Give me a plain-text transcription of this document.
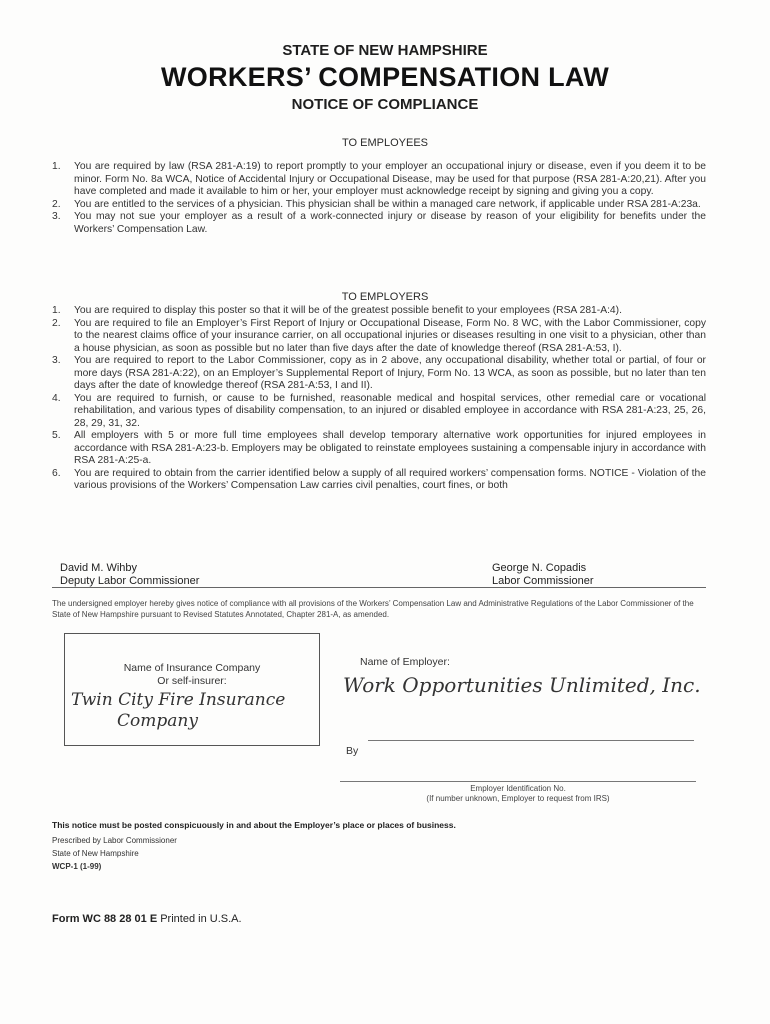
STATE OF NEW HAMPSHIRE
WORKERS’ COMPENSATION LAW
NOTICE OF COMPLIANCE
TO EMPLOYEES
1. You are required by law (RSA 281-A:19) to report promptly to your employer an occupational injury or disease, even if you deem it to be minor. Form No. 8a WCA, Notice of Accidental Injury or Occupational Disease, may be used for that purpose (RSA 281-A:20,21). After you have completed and made it available to him or her, your employer must acknowledge receipt by signing and giving you a copy.
2. You are entitled to the services of a physician. This physician shall be within a managed care network, if applicable under RSA 281-A:23a.
3. You may not sue your employer as a result of a work-connected injury or disease by reason of your eligibility for benefits under the Workers’ Compensation Law.
TO EMPLOYERS
1. You are required to display this poster so that it will be of the greatest possible benefit to your employees (RSA 281-A:4).
2. You are required to file an Employer’s First Report of Injury or Occupational Disease, Form No. 8 WC, with the Labor Commissioner, copy to the nearest claims office of your insurance carrier, on all occupational injuries or diseases resulting in one visit to a physician, other than a house physician, as soon as possible but no later than five days after the date of knowledge thereof (RSA 281-A:53, I).
3. You are required to report to the Labor Commissioner, copy as in 2 above, any occupational disability, whether total or partial, of four or more days (RSA 281-A:22), on an Employer’s Supplemental Report of Injury, Form No. 13 WCA, as soon as possible, but no later than ten days after the date of knowledge thereof (RSA 281-A:53, I and II).
4. You are required to furnish, or cause to be furnished, reasonable medical and hospital services, other remedial care or vocational rehabilitation, and various types of disability compensation, to an injured or disabled employee in accordance with RSA 281-A:23, 25, 26, 28, 29, 31, 32.
5. All employers with 5 or more full time employees shall develop temporary alternative work opportunities for injured employees in accordance with RSA 281-A:23-b. Employers may be obligated to reinstate employees sustaining a compensable injury in accordance with RSA 281-A:25-a.
6. You are required to obtain from the carrier identified below a supply of all required workers’ compensation forms. NOTICE - Violation of the various provisions of the Workers’ Compensation Law carries civil penalties, court fines, or both
David M. Wihby
Deputy Labor Commissioner
George N. Copadis
Labor Commissioner
The undersigned employer hereby gives notice of compliance with all provisions of the Workers’ Compensation Law and Administrative Regulations of the Labor Commissioner of the State of New Hampshire pursuant to Revised Statutes Annotated, Chapter 281-A, as amended.
Name of Insurance Company
Or self-insurer:
Twin City Fire Insurance
Company
Name of Employer:
Work Opportunities Unlimited, Inc.
By
Employer Identification No.
(If number unknown, Employer to request from IRS)
This notice must be posted conspicuously in and about the Employer’s place or places of business.
Prescribed by Labor Commissioner
State of New Hampshire
WCP-1 (1-99)
Form WC 88 28 01 E Printed in U.S.A.
